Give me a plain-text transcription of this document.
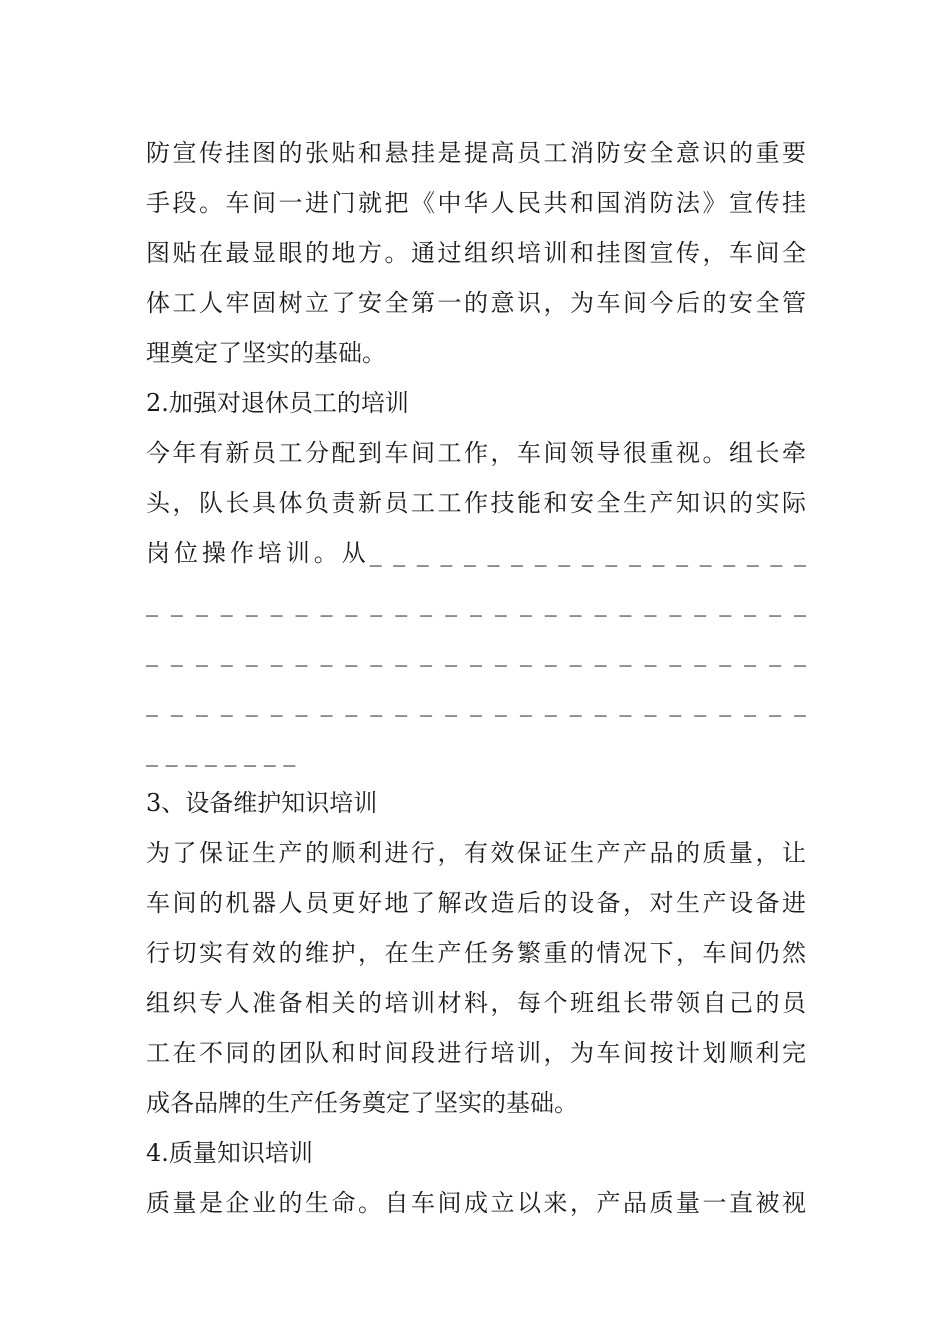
防宣传挂图的张贴和悬挂是提高员工消防安全意识的重要
手段。车间一进门就把《中华人民共和国消防法》宣传挂
图贴在最显眼的地方。通过组织培训和挂图宣传，车间全
体工人牢固树立了安全第一的意识，为车间今后的安全管
理奠定了坚实的基础。
2.加强对退休员工的培训
今年有新员工分配到车间工作，车间领导很重视。组长牵
头，队长具体负责新员工工作技能和安全生产知识的实际
岗位操作培训。从_ _ _ _ _ _ _ _ _ _ _ _ _ _ _ _ _ _ _
_ _ _ _ _ _ _ _ _ _ _ _ _ _ _ _ _ _ _ _ _ _ _ _ _ _ _
_ _ _ _ _ _ _ _ _ _ _ _ _ _ _ _ _ _ _ _ _ _ _ _ _ _ _
_ _ _ _ _ _ _ _ _ _ _ _ _ _ _ _ _ _ _ _ _ _ _ _ _ _ _
_ _ _ _ _ _ _ _
3、设备维护知识培训
为了保证生产的顺利进行，有效保证生产产品的质量，让
车间的机器人员更好地了解改造后的设备，对生产设备进
行切实有效的维护，在生产任务繁重的情况下，车间仍然
组织专人准备相关的培训材料，每个班组长带领自己的员
工在不同的团队和时间段进行培训，为车间按计划顺利完
成各品牌的生产任务奠定了坚实的基础。
4.质量知识培训
质量是企业的生命。自车间成立以来，产品质量一直被视
